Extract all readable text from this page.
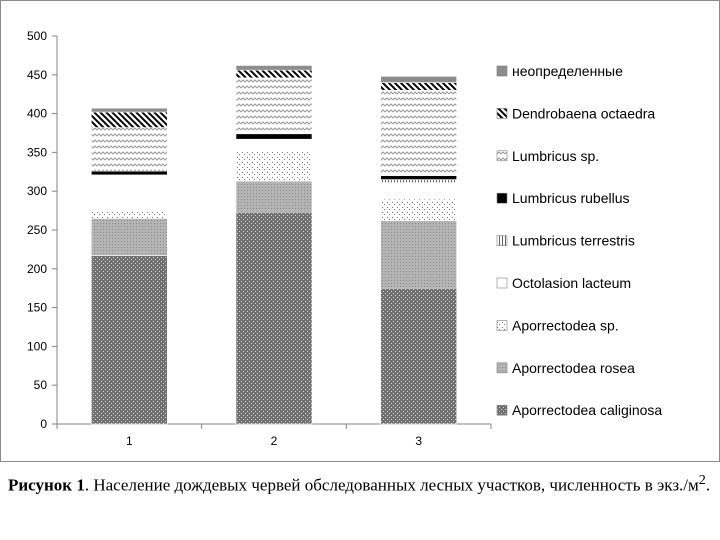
0
50
100
150
200
250
300
350
400
450
500
1	2	3
неопределенные
Dendrobaena octaedra
Lumbricus sp.
Lumbricus rubellus
Lumbricus terrestris
Octolasion lacteum
Aporrectodea sp.
Aporrectodea rosea
Aporrectodea caliginosa
Рисунок 1. Население дождевых червей обследованных лесных участков, численность в $экз./м^2$.
